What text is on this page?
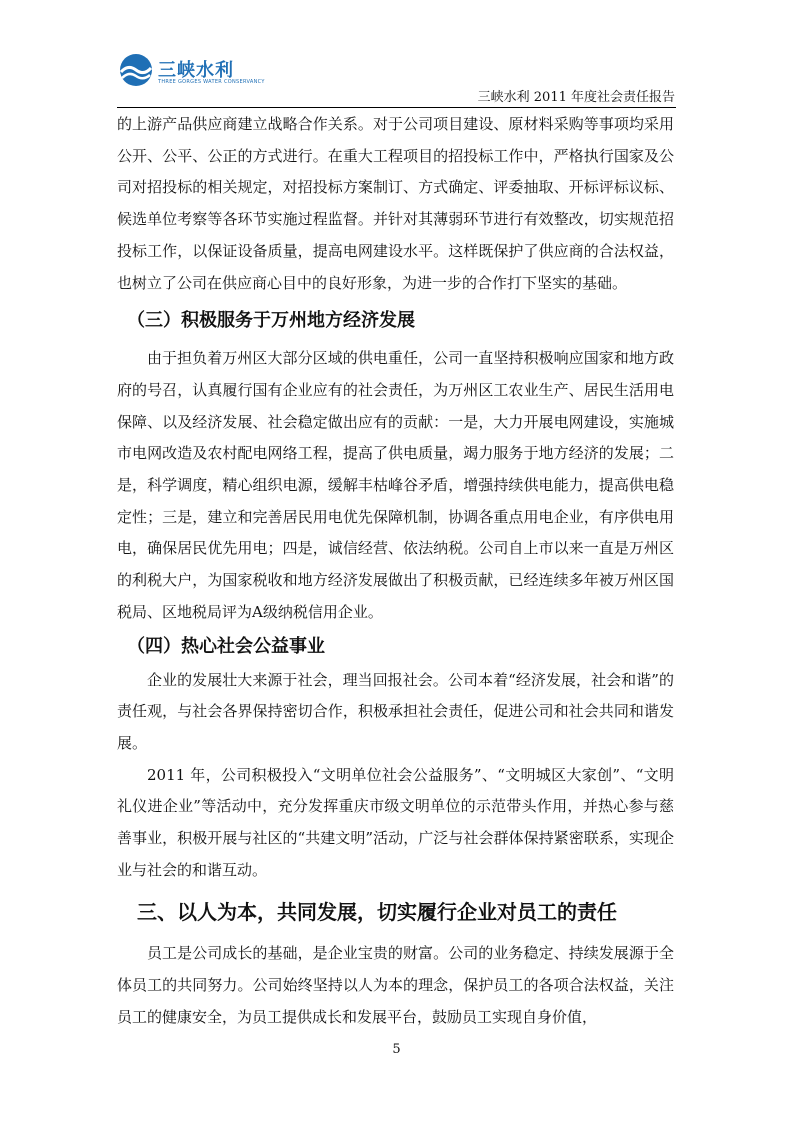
三峡水利
THREE GORGES WATER CONSERVANCY
三峡水利 2011 年度社会责任报告

的上游产品供应商建立战略合作关系。对于公司项目建设、原材料采购等事项均采用公开、公平、公正的方式进行。在重大工程项目的招投标工作中，严格执行国家及公司对招投标的相关规定，对招投标方案制订、方式确定、评委抽取、开标评标议标、候选单位考察等各环节实施过程监督。并针对其薄弱环节进行有效整改，切实规范招投标工作，以保证设备质量，提高电网建设水平。这样既保护了供应商的合法权益，也树立了公司在供应商心目中的良好形象，为进一步的合作打下坚实的基础。

（三）积极服务于万州地方经济发展

由于担负着万州区大部分区域的供电重任，公司一直坚持积极响应国家和地方政府的号召，认真履行国有企业应有的社会责任，为万州区工农业生产、居民生活用电保障、以及经济发展、社会稳定做出应有的贡献：一是，大力开展电网建设，实施城市电网改造及农村配电网络工程，提高了供电质量，竭力服务于地方经济的发展；二是，科学调度，精心组织电源，缓解丰枯峰谷矛盾，增强持续供电能力，提高供电稳定性；三是，建立和完善居民用电优先保障机制，协调各重点用电企业，有序供电用电，确保居民优先用电；四是，诚信经营、依法纳税。公司自上市以来一直是万州区的利税大户，为国家税收和地方经济发展做出了积极贡献，已经连续多年被万州区国税局、区地税局评为A级纳税信用企业。

（四）热心社会公益事业

企业的发展壮大来源于社会，理当回报社会。公司本着“经济发展，社会和谐”的责任观，与社会各界保持密切合作，积极承担社会责任，促进公司和社会共同和谐发展。

2011 年，公司积极投入“文明单位社会公益服务”、“文明城区大家创”、“文明礼仪进企业”等活动中，充分发挥重庆市级文明单位的示范带头作用，并热心参与慈善事业，积极开展与社区的“共建文明”活动，广泛与社会群体保持紧密联系，实现企业与社会的和谐互动。

三、以人为本，共同发展，切实履行企业对员工的责任

员工是公司成长的基础，是企业宝贵的财富。公司的业务稳定、持续发展源于全体员工的共同努力。公司始终坚持以人为本的理念，保护员工的各项合法权益，关注员工的健康安全，为员工提供成长和发展平台，鼓励员工实现自身价值，

5
